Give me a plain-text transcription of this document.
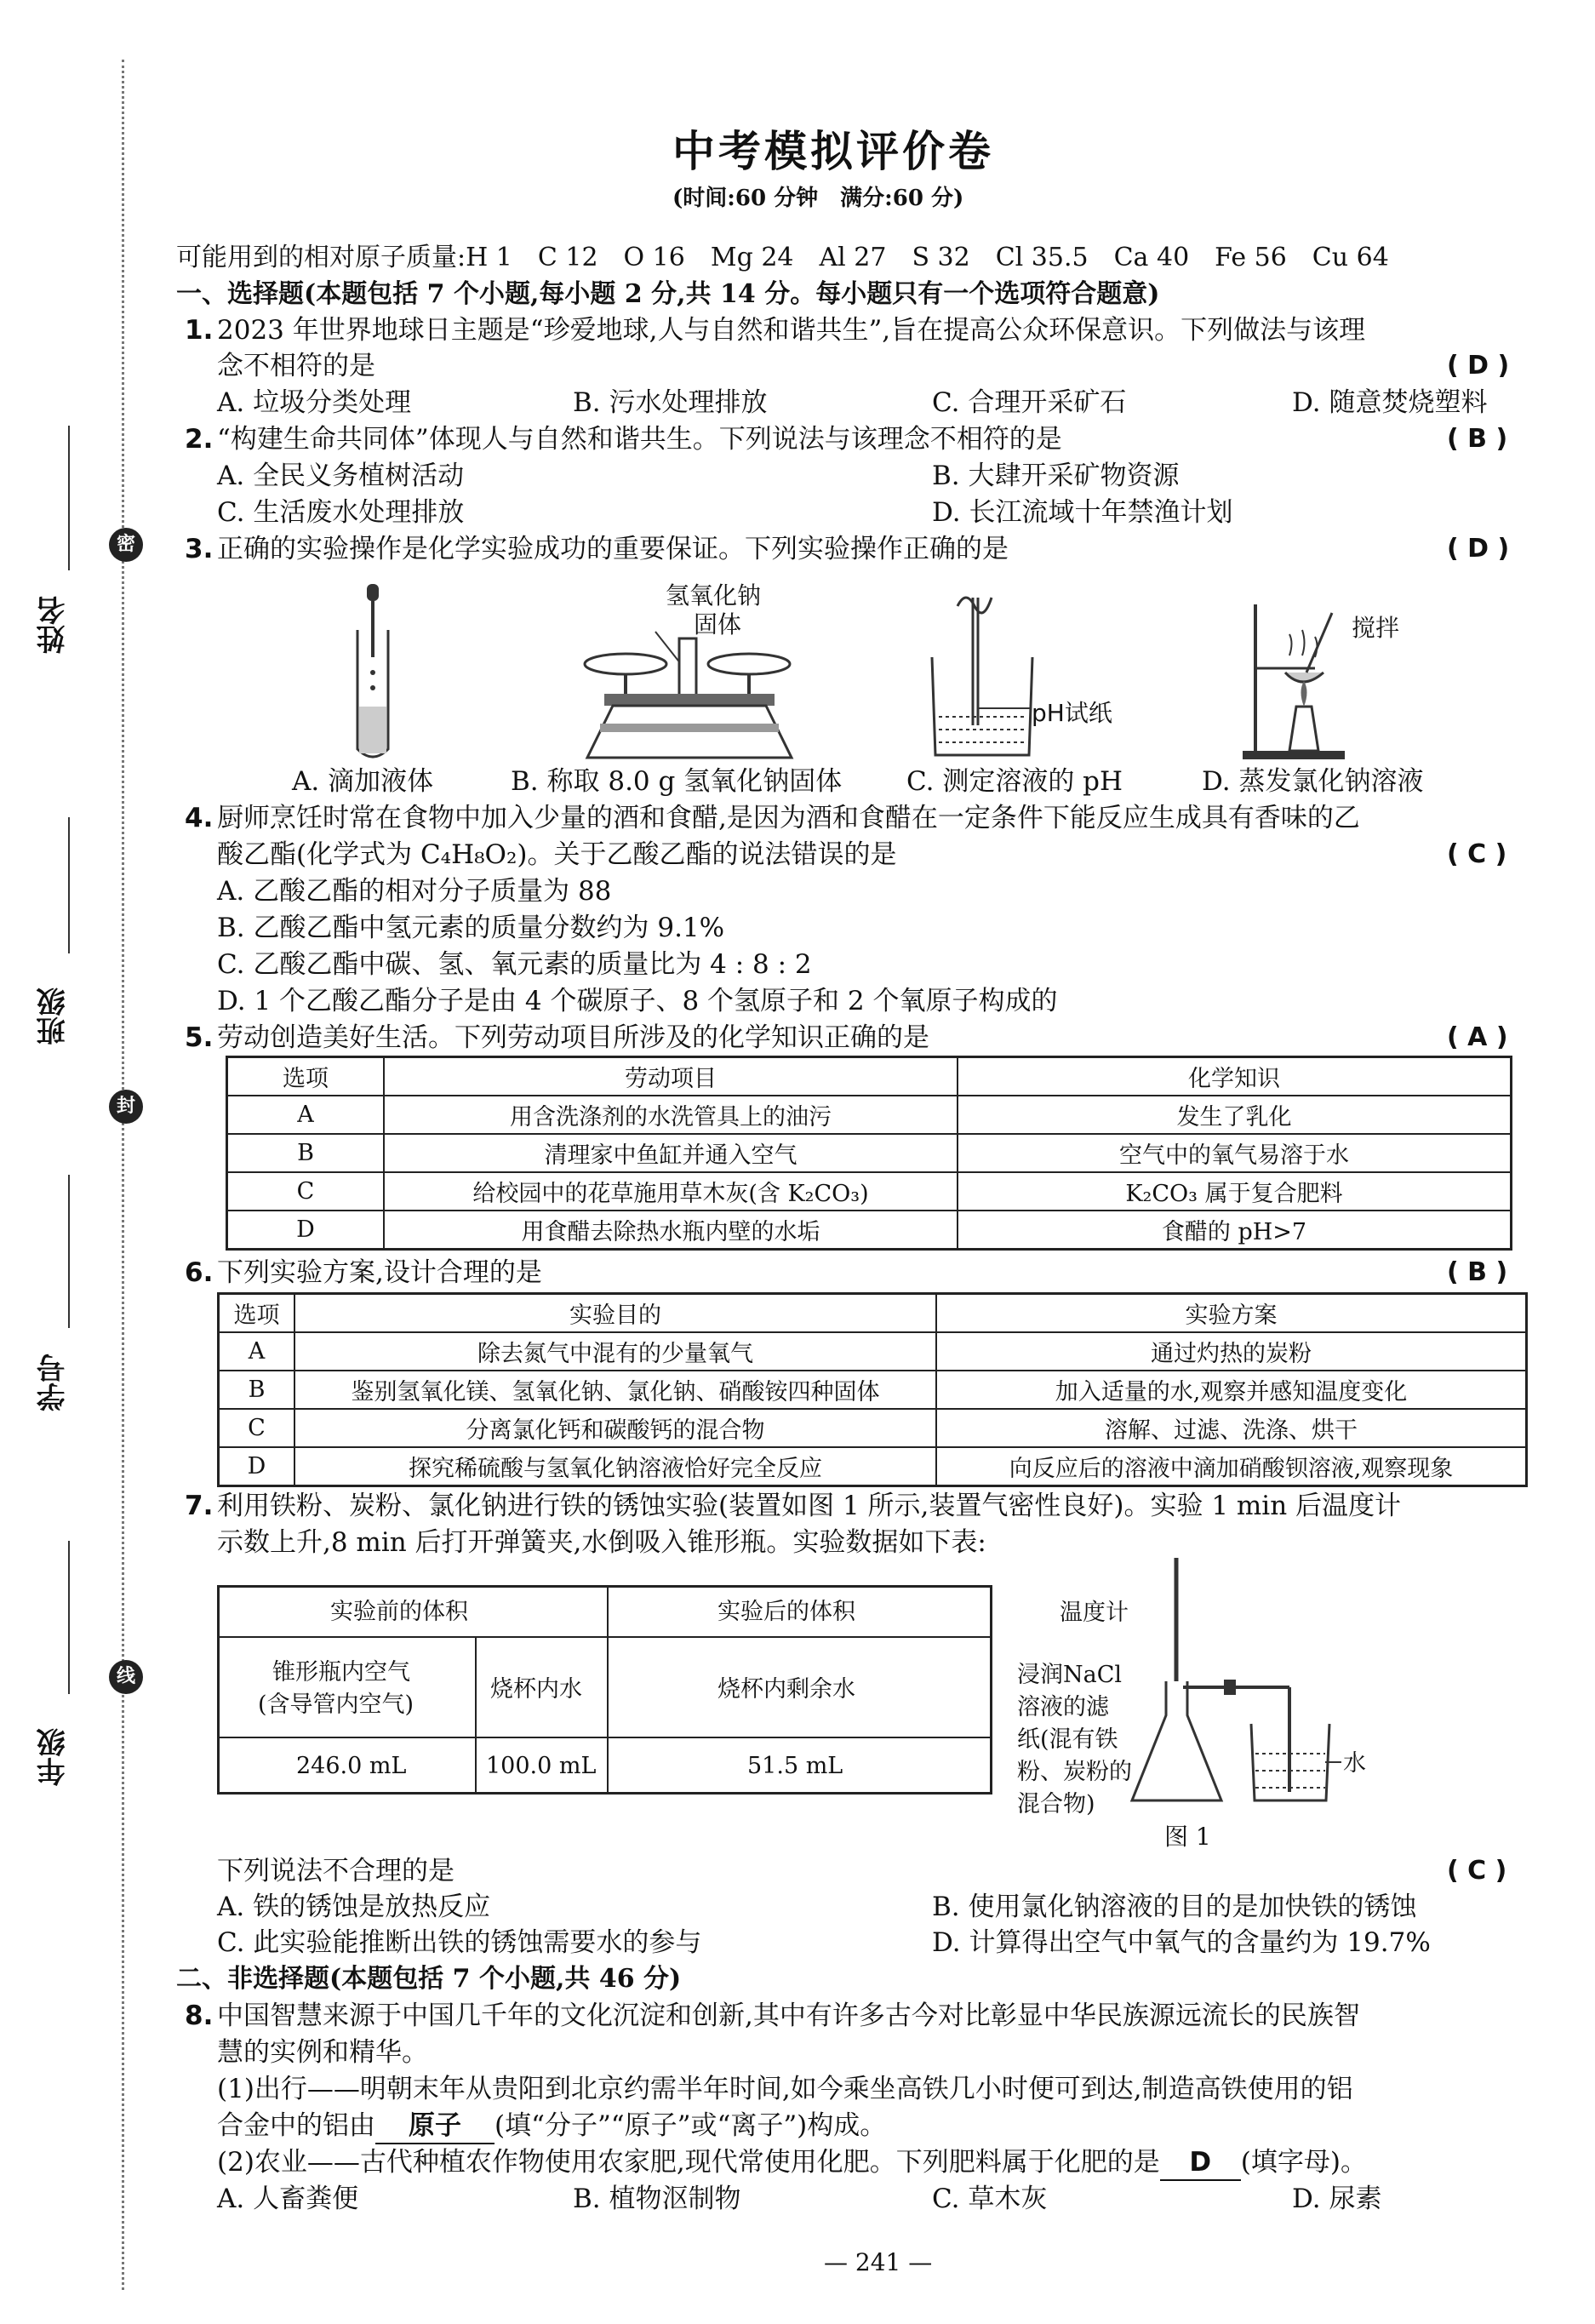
密
封
线
姓名
班级
学号
年级
中考模拟评价卷
(时间:60 分钟　满分:60 分)
可能用到的相对原子质量:H 1　C 12　O 16　Mg 24　Al 27　S 32　Cl 35.5　Ca 40　Fe 56　Cu 64
一、选择题(本题包括 7 个小题,每小题 2 分,共 14 分。每小题只有一个选项符合题意)
1. 2023 年世界地球日主题是“珍爱地球,人与自然和谐共生”,旨在提高公众环保意识。下列做法与该理
念不相符的是	( D )
A. 垃圾分类处理	B. 污水处理排放	C. 合理开采矿石	D. 随意焚烧塑料
2. “构建生命共同体”体现人与自然和谐共生。下列说法与该理念不相符的是	( B )
A. 全民义务植树活动	B. 大肆开采矿物资源
C. 生活废水处理排放	D. 长江流域十年禁渔计划
3. 正确的实验操作是化学实验成功的重要保证。下列实验操作正确的是	( D )
氢氧化钠
固体
pH试纸
搅拌
A. 滴加液体	B. 称取 8.0 g 氢氧化钠固体 C. 测定溶液的 pH	D. 蒸发氯化钠溶液
4. 厨师烹饪时常在食物中加入少量的酒和食醋,是因为酒和食醋在一定条件下能反应生成具有香味的乙
酸乙酯(化学式为 C₄H₈O₂)。关于乙酸乙酯的说法错误的是	( C )
A. 乙酸乙酯的相对分子质量为 88
B. 乙酸乙酯中氢元素的质量分数约为 9.1%
C. 乙酸乙酯中碳、氢、氧元素的质量比为 4 : 8 : 2
D. 1 个乙酸乙酯分子是由 4 个碳原子、8 个氢原子和 2 个氧原子构成的
5. 劳动创造美好生活。下列劳动项目所涉及的化学知识正确的是	( A )
选项	劳动项目	化学知识
A	用含洗涤剂的水洗管具上的油污	发生了乳化
B	清理家中鱼缸并通入空气	空气中的氧气易溶于水
C	给校园中的花草施用草木灰(含 K₂CO₃)	K₂CO₃ 属于复合肥料
D	用食醋去除热水瓶内壁的水垢	食醋的 pH>7
6. 下列实验方案,设计合理的是	( B )
选项	实验目的	实验方案
A	除去氮气中混有的少量氧气	通过灼热的炭粉
B	鉴别氢氧化镁、氢氧化钠、氯化钠、硝酸铵四种固体	加入适量的水,观察并感知温度变化
C	分离氯化钙和碳酸钙的混合物	溶解、过滤、洗涤、烘干
D	探究稀硫酸与氢氧化钠溶液恰好完全反应	向反应后的溶液中滴加硝酸钡溶液,观察现象
7. 利用铁粉、炭粉、氯化钠进行铁的锈蚀实验(装置如图 1 所示,装置气密性良好)。实验 1 min 后温度计
示数上升,8 min 后打开弹簧夹,水倒吸入锥形瓶。实验数据如下表:
实验前的体积	实验后的体积
锥形瓶内空气
(含导管内空气)
烧杯内水	烧杯内剩余水
246.0 mL	100.0 mL	51.5 mL
温度计
浸润NaCl
溶液的滤
纸(混有铁
粉、炭粉的
混合物)
水
图 1
下列说法不合理的是	( C )
A. 铁的锈蚀是放热反应	B. 使用氯化钠溶液的目的是加快铁的锈蚀
C. 此实验能推断出铁的锈蚀需要水的参与	D. 计算得出空气中氧气的含量约为 19.7%
二、非选择题(本题包括 7 个小题,共 46 分)
8. 中国智慧来源于中国几千年的文化沉淀和创新,其中有许多古今对比彰显中华民族源远流长的民族智
慧的实例和精华。
(1)出行——明朝末年从贵阳到北京约需半年时间,如今乘坐高铁几小时便可到达,制造高铁使用的铝
合金中的铝由 原子 (填“分子”“原子”或“离子”)构成。
(2)农业——古代种植农作物使用农家肥,现代常使用化肥。下列肥料属于化肥的是 D (填字母)。
A. 人畜粪便	B. 植物沤制物	C. 草木灰	D. 尿素
— 241 —
